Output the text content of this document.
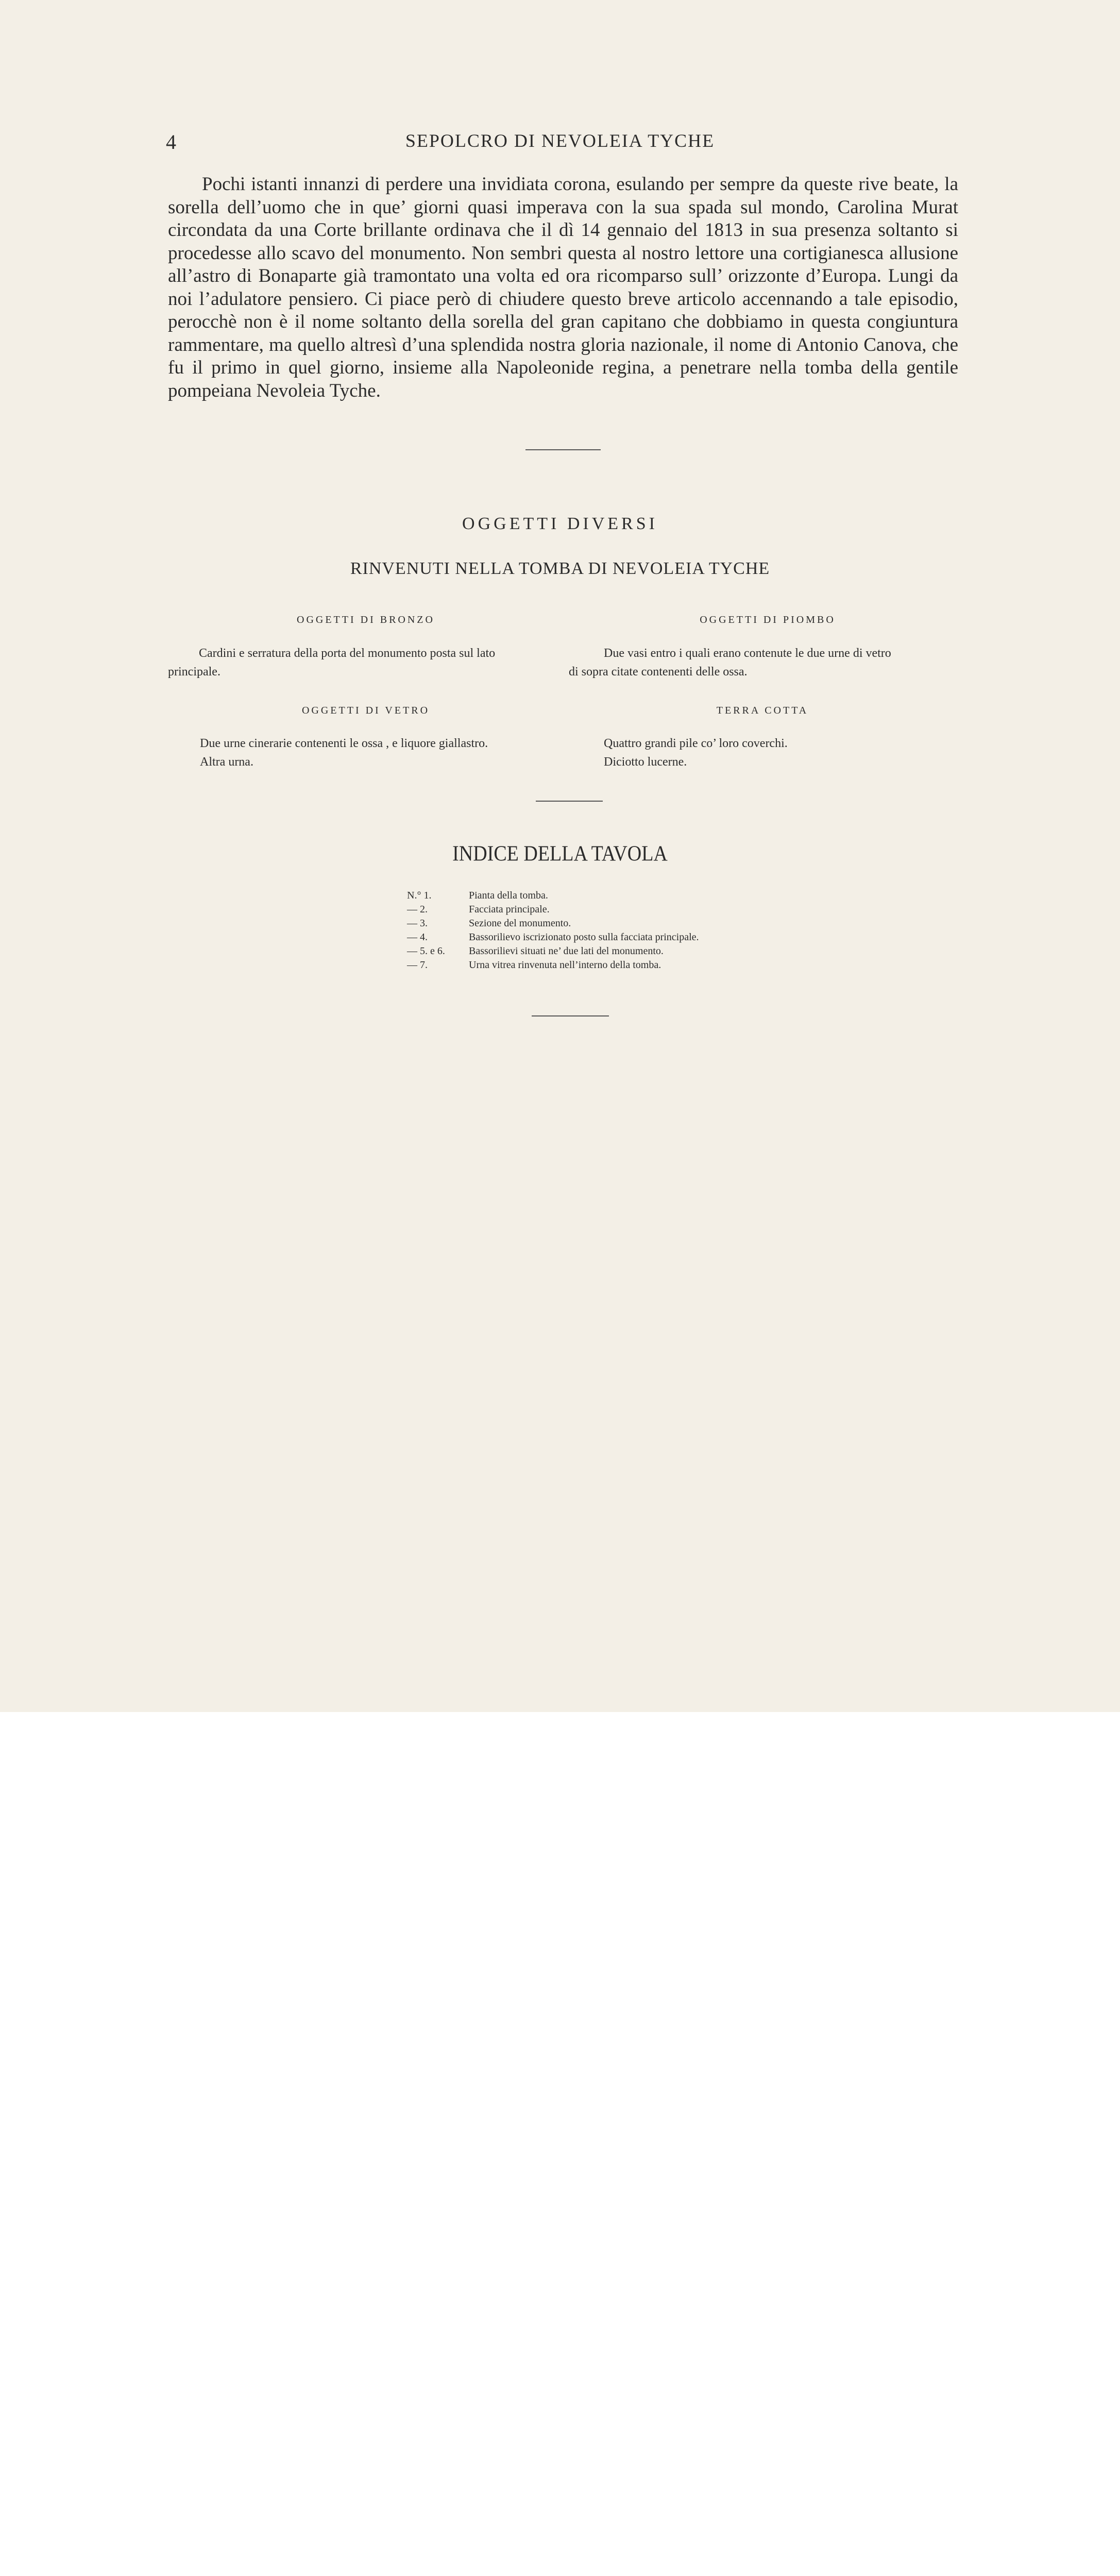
4	SEPOLCRO DI NEVOLEIA TYCHE
Pochi istanti innanzi di perdere una invidiata corona, esulando per sempre da queste rive beate, la sorella dell’uomo che in que’ giorni quasi imperava con la sua spada sul mondo, Carolina Murat circondata da una Corte brillante ordinava che il dì 14 gennaio del 1813 in sua presenza soltanto si procedesse allo scavo del monumento. Non sembri questa al nostro lettore una cortigianesca allusione all’astro di Bonaparte già tramontato una volta ed ora ricomparso sull’ orizzonte d’Europa. Lungi da noi l’adulatore pensiero. Ci piace però di chiudere questo breve articolo accennando a tale episodio, perocchè non è il nome soltanto della sorella del gran capitano che dobbiamo in questa congiuntura rammentare, ma quello altresì d’una splendida nostra gloria nazionale, il nome di Antonio Canova, che fu il primo in quel giorno, insieme alla Napoleonide regina, a penetrare nella tomba della gentile pompeiana Nevoleia Tyche.
OGGETTI DIVERSI
RINVENUTI NELLA TOMBA DI NEVOLEIA TYCHE
OGGETTI DI BRONZO
Cardini e serratura della porta del monumento posta sul lato
principale.
OGGETTI DI PIOMBO
Due vasi entro i quali erano contenute le due urne di vetro
di sopra citate contenenti delle ossa.
OGGETTI DI VETRO
Due urne cinerarie contenenti le ossa , e liquore giallastro.
Altra urna.
TERRA COTTA
Quattro grandi pile co’ loro coverchi.
Diciotto lucerne.
INDICE DELLA TAVOLA
N.° 1.	Pianta della tomba.
— 2.	Facciata principale.
— 3.	Sezione del monumento.
— 4.	Bassorilievo iscrizionato posto sulla facciata principale.
— 5. e 6.	Bassorilievi situati ne’ due lati del monumento.
— 7.	Urna vitrea rinvenuta nell’interno della tomba.
